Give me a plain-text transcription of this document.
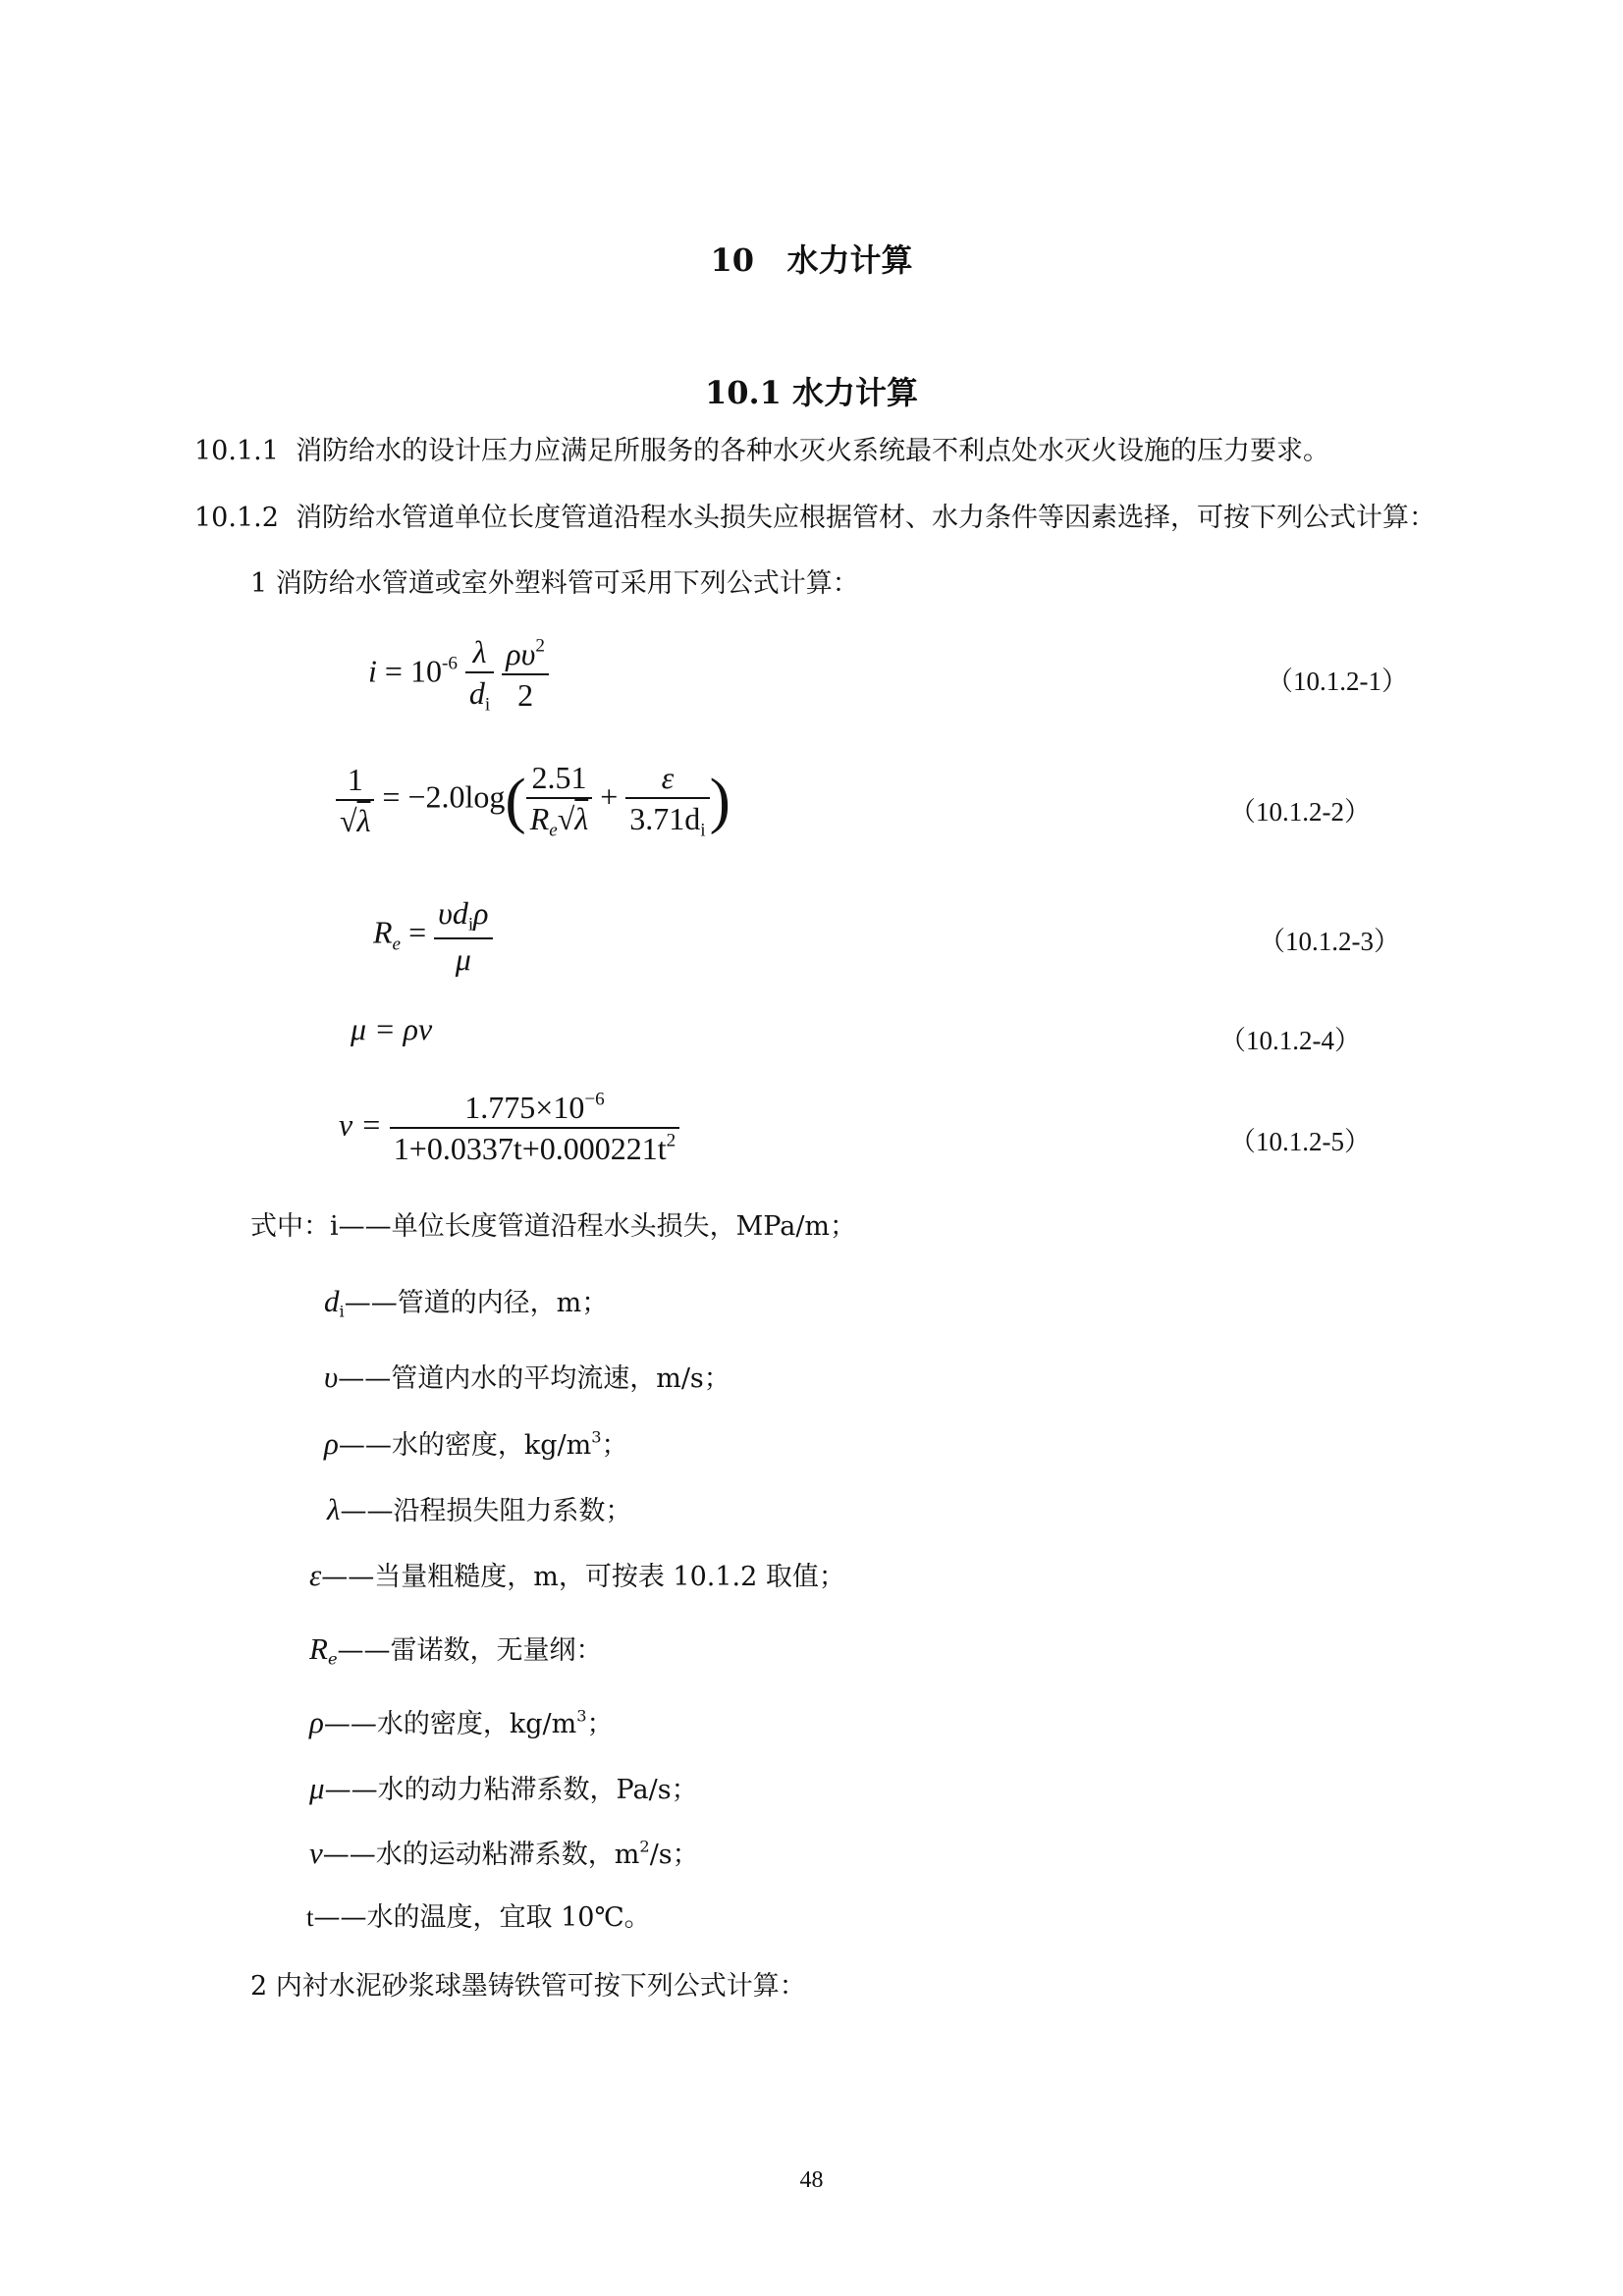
10 水力计算
10.1 水力计算
10.1.1 消防给水的设计压力应满足所服务的各种水灭火系统最不利点处水灭火设施的压力要求。
10.1.2 消防给水管道单位长度管道沿程水头损失应根据管材、水力条件等因素选择，可按下列公式计算：
1 消防给水管道或室外塑料管可采用下列公式计算：
$i = 10^{-6} \frac{\lambda}{d_i}$
$\frac{\rho\upsilon^2}{2}$	（10.1.2-1）
$\frac{1}{√\lambda} = -2.0\log( \frac{2.51}{R_e√\lambda} + \frac{\varepsilon}{3.71d_i}$ )	（10.1.2-2）
$R_e = \frac{\upsilon d_i\rho}{\mu}$	（10.1.2-3）
μ = ρν	（10.1.2-4）
$\nu = \frac{1.775\times 10^{-6}}{1+0.0337t+0.000221t^2}$	（10.1.2-5）
式中：i——单位长度管道沿程水头损失，MPa/m；
$d_i——$管道的内径，m；
υ——管道内水的平均流速，m/s；
ρ——水的密度，$kg/m^3$；
λ——沿程损失阻力系数；
ε——当量粗糙度，m，可按表 10.1.2 取值；
$R_e——$雷诺数，无量纲：
ρ——水的密度，$kg/m^3$；
μ——水的动力粘滞系数，Pa/s；
ν——水的运动粘滞系数，$m^2/s$；
t——水的温度，宜取 10℃。
2 内衬水泥砂浆球墨铸铁管可按下列公式计算：
48
